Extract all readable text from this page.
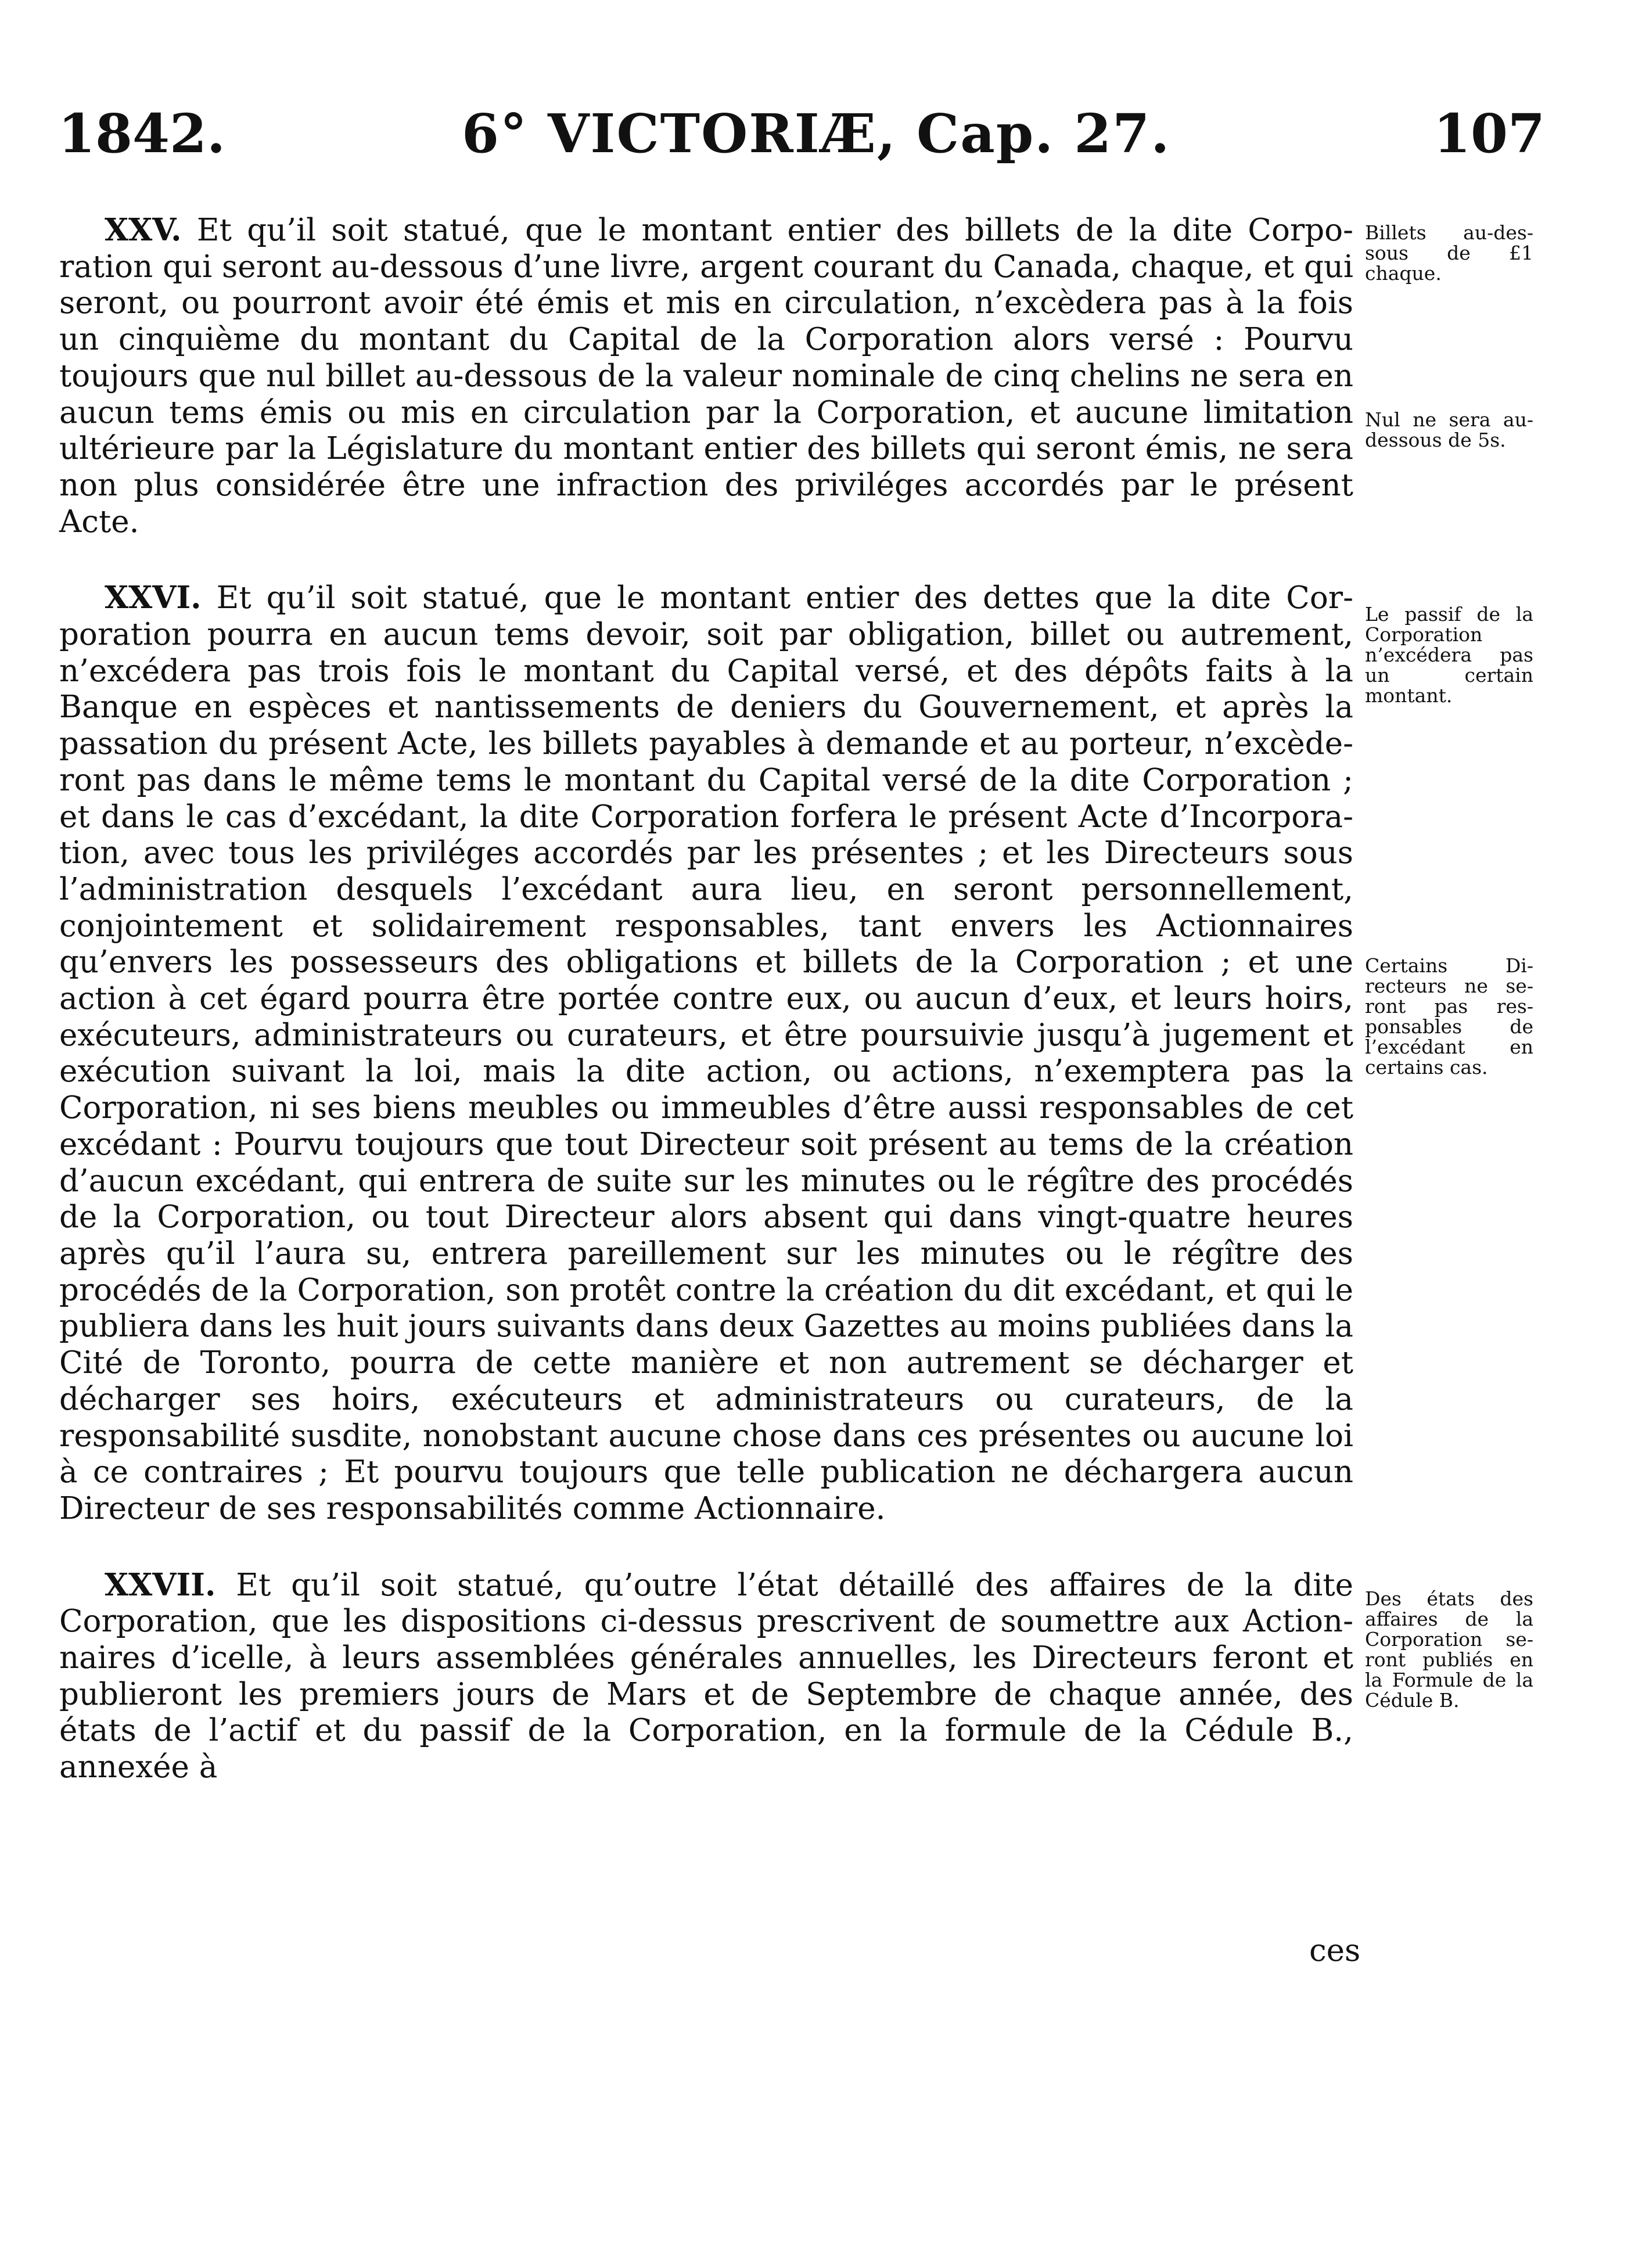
1842.	6° VICTORIÆ, Cap. 27.	107

XXV. Et qu’il soit statué, que le montant entier des billets de la dite Corporation qui seront au-dessous d’une livre, argent courant du Canada, chaque, et qui seront, ou pourront avoir été émis et mis en circulation, n’excèdera pas à la fois un cinquième du montant du Capital de la Corporation alors versé : Pourvu toujours que nul billet au-dessous de la valeur nominale de cinq chelins ne sera en aucun tems émis ou mis en circulation par la Corporation, et aucune limitation ultérieure par la Législature du montant entier des billets qui seront émis, ne sera non plus considérée être une infraction des priviléges accordés par le présent Acte.

XXVI. Et qu’il soit statué, que le montant entier des dettes que la dite Corporation pourra en aucun tems devoir, soit par obligation, billet ou autrement, n’excédera pas trois fois le montant du Capital versé, et des dépôts faits à la Banque en espèces et nantissements de deniers du Gouvernement, et après la passation du présent Acte, les billets payables à demande et au porteur, n’excèderont pas dans le même tems le montant du Capital versé de la dite Corporation ; et dans le cas d’excédant, la dite Corporation forfera le présent Acte d’Incorporation, avec tous les priviléges accordés par les présentes ; et les Directeurs sous l’administration desquels l’excédant aura lieu, en seront personnellement, conjointement et solidairement responsables, tant envers les Actionnaires qu’envers les possesseurs des obligations et billets de la Corporation ; et une action à cet égard pourra être portée contre eux, ou aucun d’eux, et leurs hoirs, exécuteurs, administrateurs ou curateurs, et être poursuivie jusqu’à jugement et exécution suivant la loi, mais la dite action, ou actions, n’exemptera pas la Corporation, ni ses biens meubles ou immeubles d’être aussi responsables de cet excédant : Pourvu toujours que tout Directeur soit présent au tems de la création d’aucun excédant, qui entrera de suite sur les minutes ou le régître des procédés de la Corporation, ou tout Directeur alors absent qui dans vingt-quatre heures après qu’il l’aura su, entrera pareillement sur les minutes ou le régître des procédés de la Corporation, son protêt contre la création du dit excédant, et qui le publiera dans les huit jours suivants dans deux Gazettes au moins publiées dans la Cité de Toronto, pourra de cette manière et non autrement se décharger et décharger ses hoirs, exécuteurs et administrateurs ou curateurs, de la responsabilité susdite, nonobstant aucune chose dans ces présentes ou aucune loi à ce contraires ; Et pourvu toujours que telle publication ne déchargera aucun Directeur de ses responsabilités comme Actionnaire.

XXVII. Et qu’il soit statué, qu’outre l’état détaillé des affaires de la dite Corporation, que les dispositions ci-dessus prescrivent de soumettre aux Actionnaires d’icelle, à leurs assemblées générales annuelles, les Directeurs feront et publieront les premiers jours de Mars et de Septembre de chaque année, des états de l’actif et du passif de la Corporation, en la formule de la Cédule B., annexée à

ces
Billets au-dessous de £1 chaque.
Nul ne sera au-dessous de 5s.
Le passif de la Corporation n’excédera pas un certain montant.
Certains Directeurs ne seront pas responsables de l’excédant en certains cas.
Des états des affaires de la Corporation seront publiés en la Formule de la Cédule B.
